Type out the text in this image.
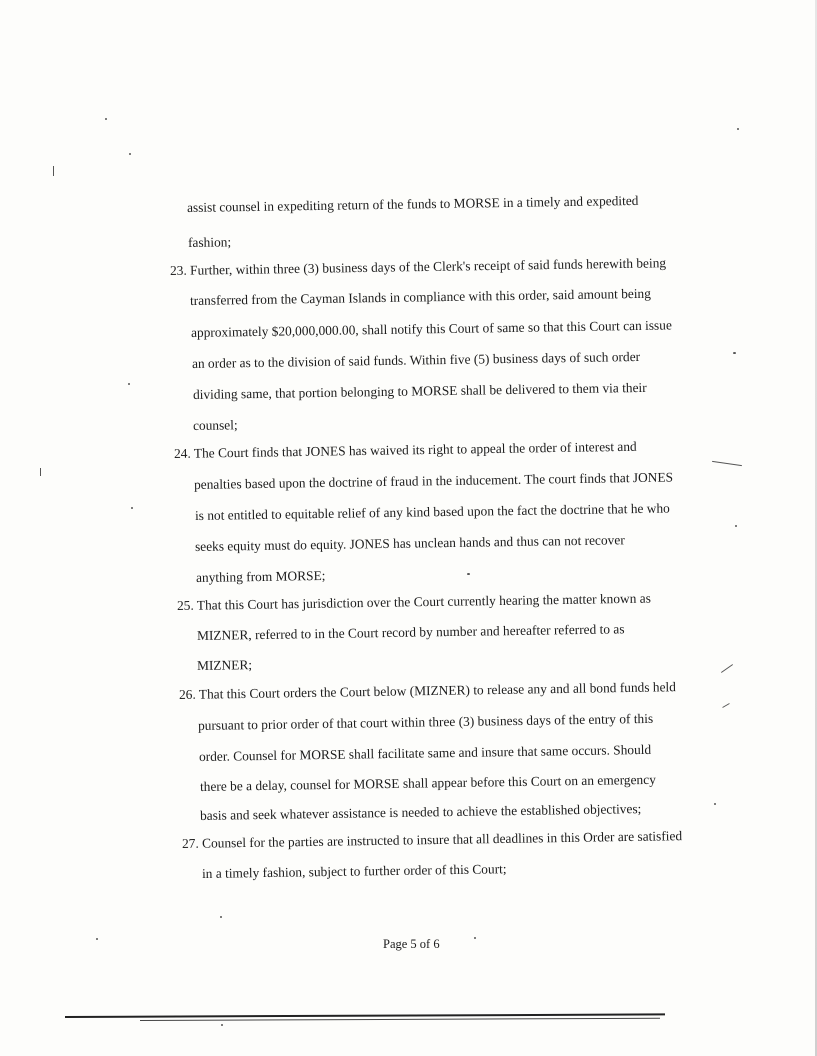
assist counsel in expediting return of the funds to MORSE in a timely and expedited
fashion;
23. Further, within three (3) business days of the Clerk's receipt of said funds herewith being
transferred from the Cayman Islands in compliance with this order, said amount being
approximately $20,000,000.00, shall notify this Court of same so that this Court can issue
an order as to the division of said funds. Within five (5) business days of such order
dividing same, that portion belonging to MORSE shall be delivered to them via their
counsel;
24. The Court finds that JONES has waived its right to appeal the order of interest and
penalties based upon the doctrine of fraud in the inducement. The court finds that JONES
is not entitled to equitable relief of any kind based upon the fact the doctrine that he who
seeks equity must do equity. JONES has unclean hands and thus can not recover
anything from MORSE;
25. That this Court has jurisdiction over the Court currently hearing the matter known as
MIZNER, referred to in the Court record by number and hereafter referred to as
MIZNER;
26. That this Court orders the Court below (MIZNER) to release any and all bond funds held
pursuant to prior order of that court within three (3) business days of the entry of this
order. Counsel for MORSE shall facilitate same and insure that same occurs. Should
there be a delay, counsel for MORSE shall appear before this Court on an emergency
basis and seek whatever assistance is needed to achieve the established objectives;
27. Counsel for the parties are instructed to insure that all deadlines in this Order are satisfied
in a timely fashion, subject to further order of this Court;
Page 5 of 6
